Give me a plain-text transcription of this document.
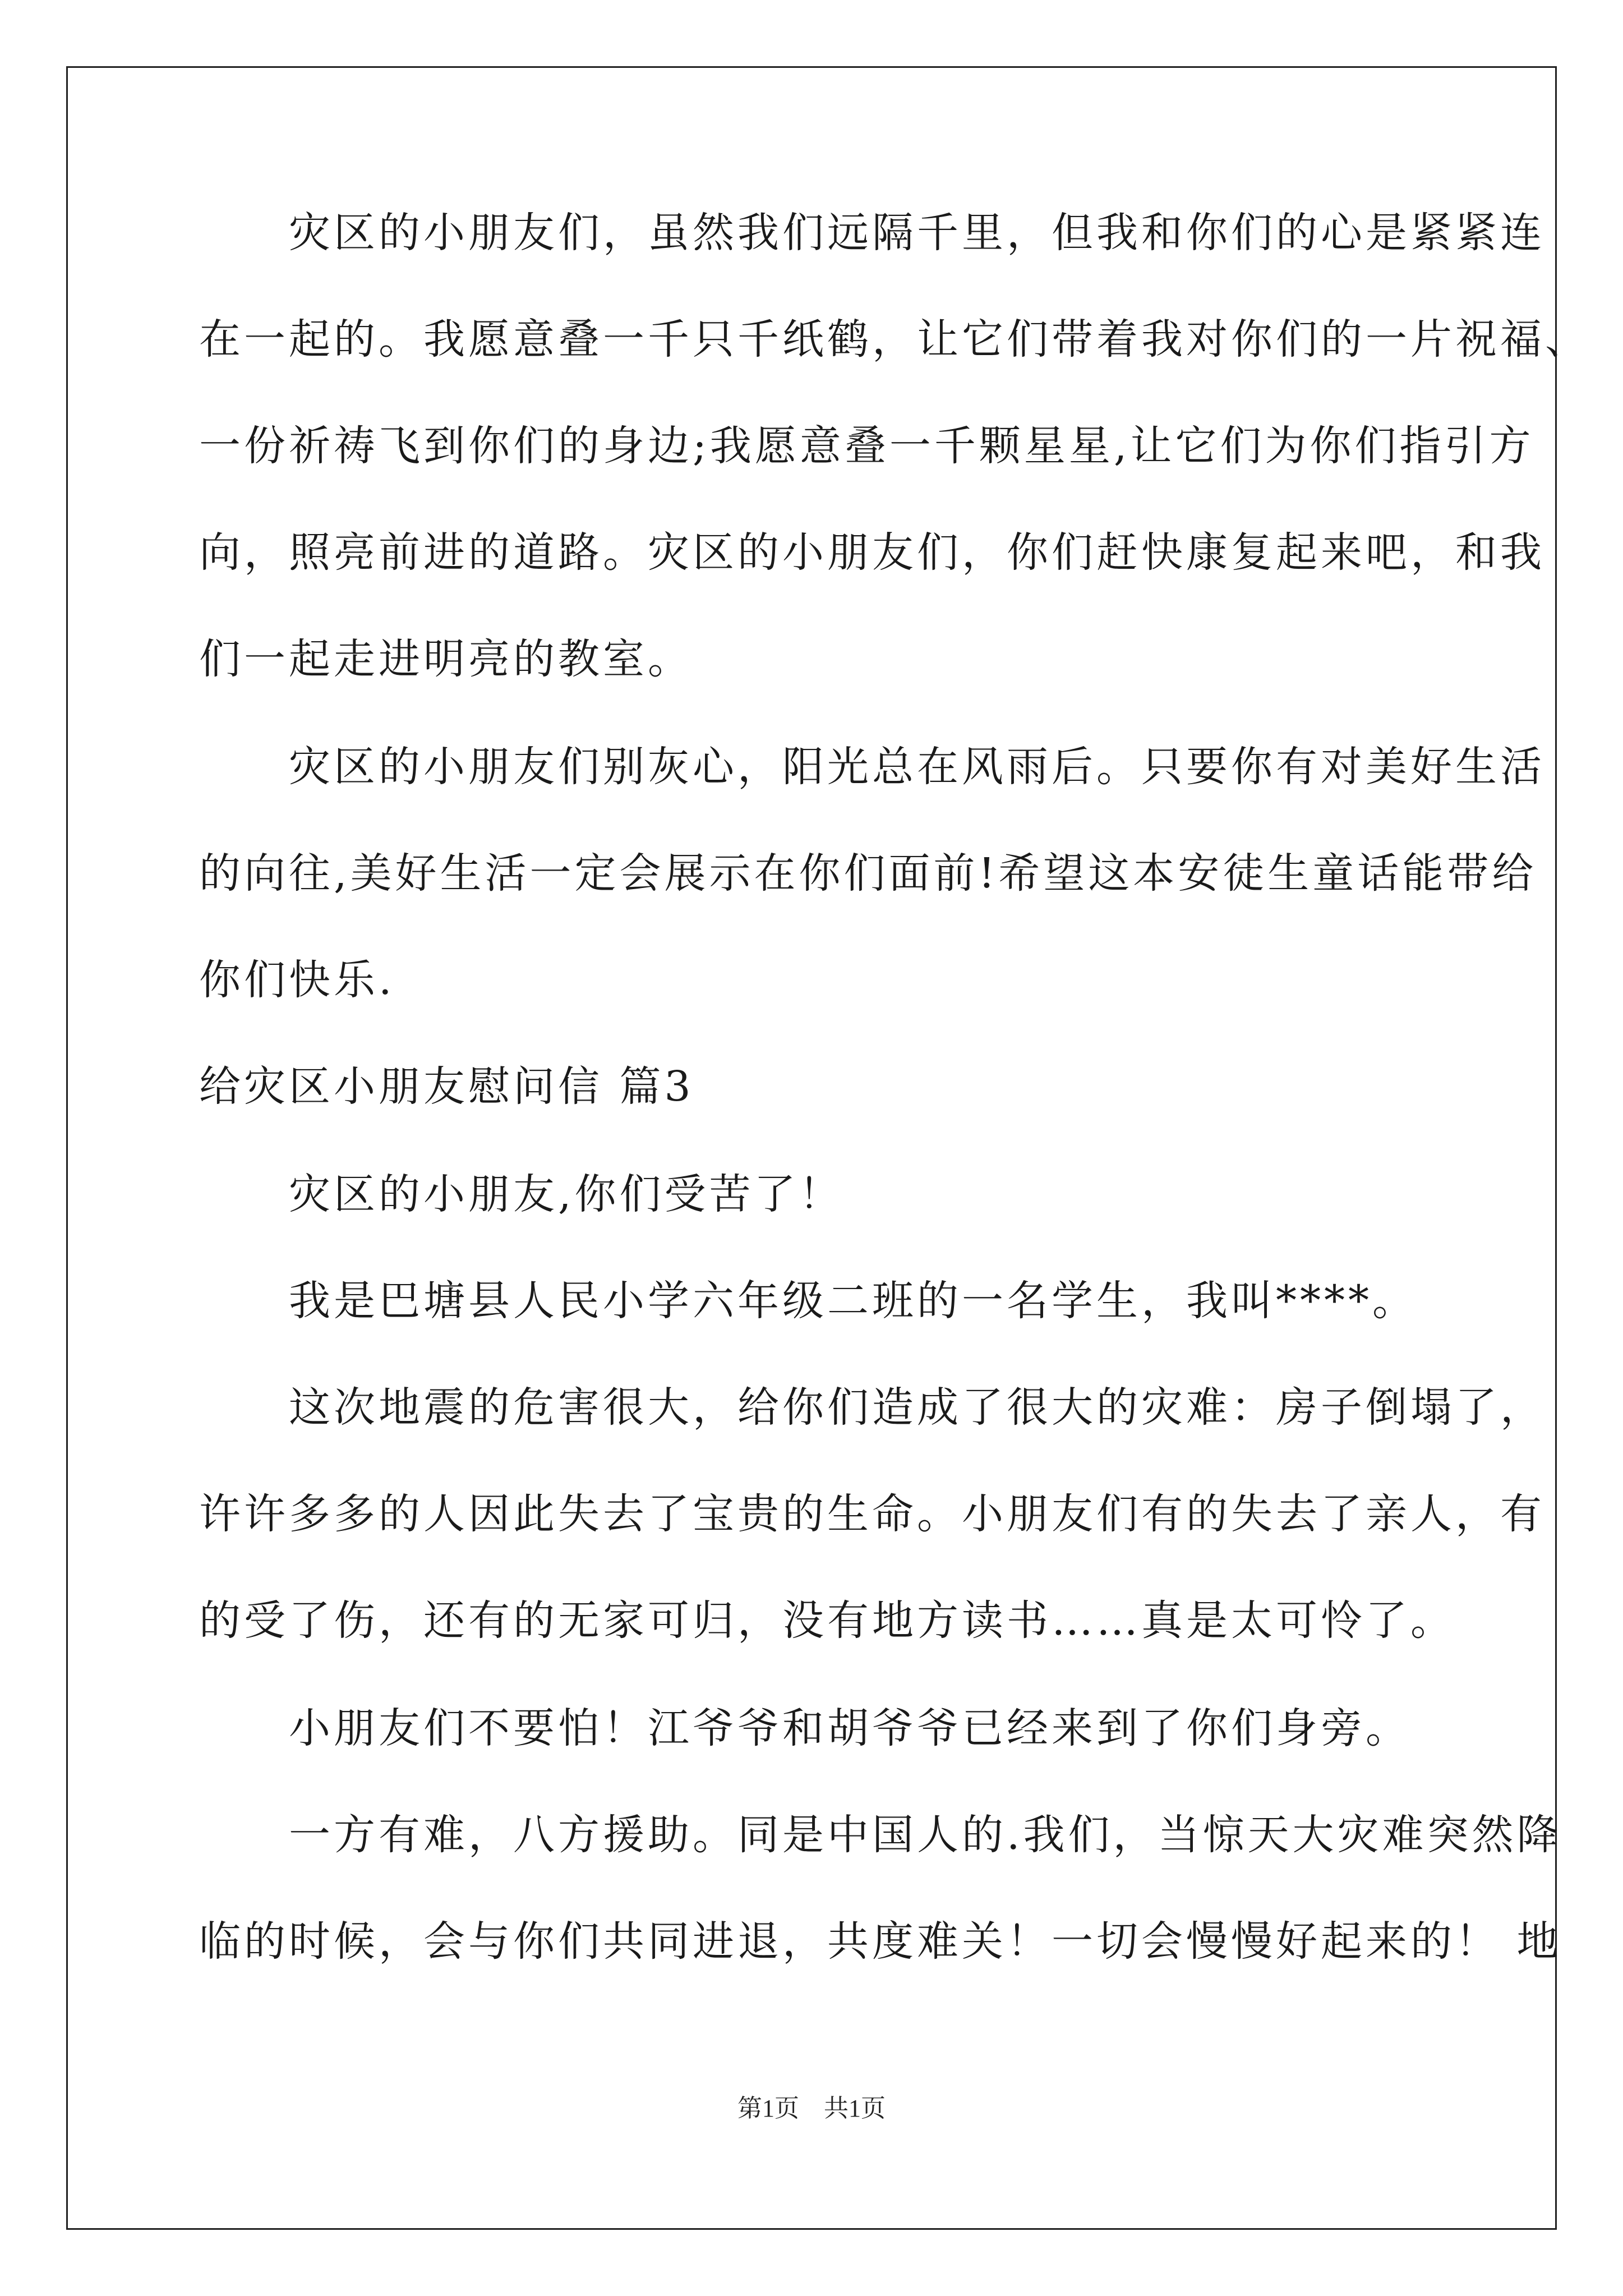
　　灾区的小朋友们，虽然我们远隔千里，但我和你们的心是紧紧连
在一起的。我愿意叠一千只千纸鹤，让它们带着我对你们的一片祝福、
一份祈祷飞到你们的身边;我愿意叠一千颗星星,让它们为你们指引方
向，照亮前进的道路。灾区的小朋友们，你们赶快康复起来吧，和我
们一起走进明亮的教室。
　　灾区的小朋友们别灰心，阳光总在风雨后。只要你有对美好生活
的向往,美好生活一定会展示在你们面前!希望这本安徒生童话能带给
你们快乐.
给灾区小朋友慰问信 篇3
　　灾区的小朋友,你们受苦了！
　　我是巴塘县人民小学六年级二班的一名学生，我叫****。
　　这次地震的危害很大，给你们造成了很大的灾难：房子倒塌了，
许许多多的人因此失去了宝贵的生命。小朋友们有的失去了亲人，有
的受了伤，还有的无家可归，没有地方读书……真是太可怜了。
　　小朋友们不要怕！江爷爷和胡爷爷已经来到了你们身旁。
　　一方有难，八方援助。同是中国人的.我们，当惊天大灾难突然降
临的时候，会与你们共同进退，共度难关！一切会慢慢好起来的！ 地
第1页　共1页
